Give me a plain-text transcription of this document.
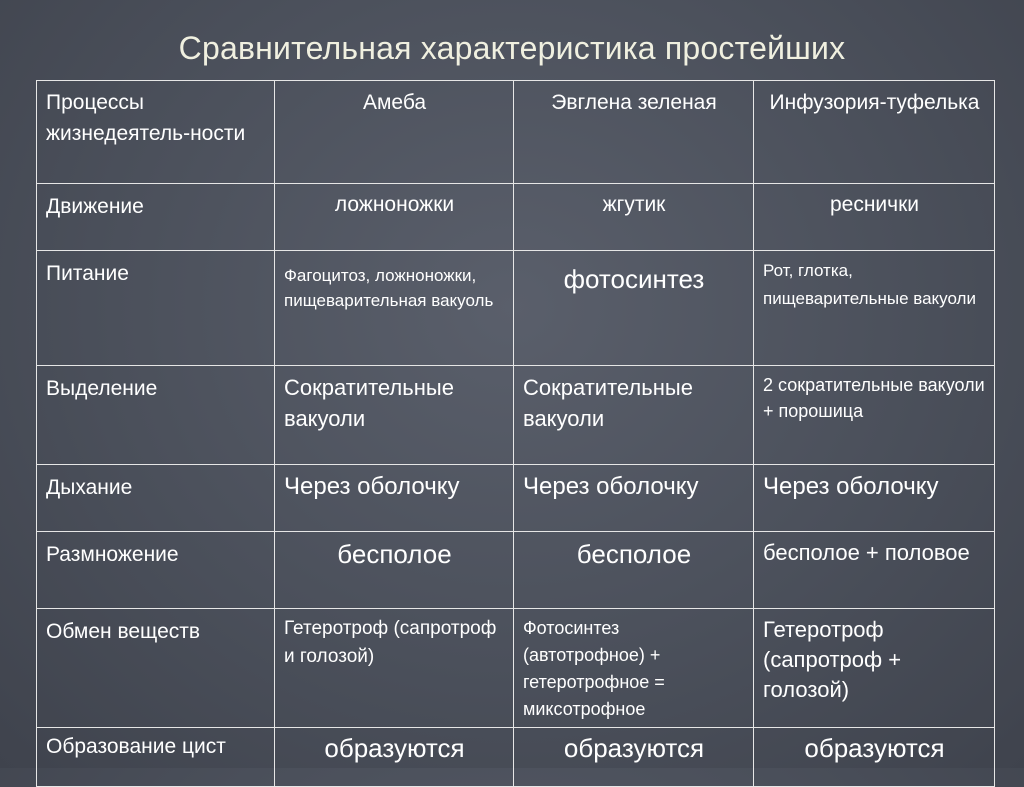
Сравнительная характеристика простейших
Процессы жизнедеятель-ности	Амеба	Эвглена зеленая	Инфузория-туфелька
Движение	ложноножки	жгутик	реснички
Питание	Фагоцитоз, ложноножки, пищеварительная вакуоль	фотосинтез	Рот, глотка, пищеварительные вакуоли
Выделение	Сократительные вакуоли	Сократительные вакуоли	2 сократительные вакуоли + порошица
Дыхание	Через оболочку	Через оболочку	Через оболочку
Размножение	бесполое	бесполое	бесполое + половое
Обмен веществ	Гетеротроф (сапротроф и голозой)	Фотосинтез (автотрофное) + гетеротрофное = миксотрофное	Гетеротроф (сапротроф + голозой)
Образование цист	образуются	образуются	образуются
